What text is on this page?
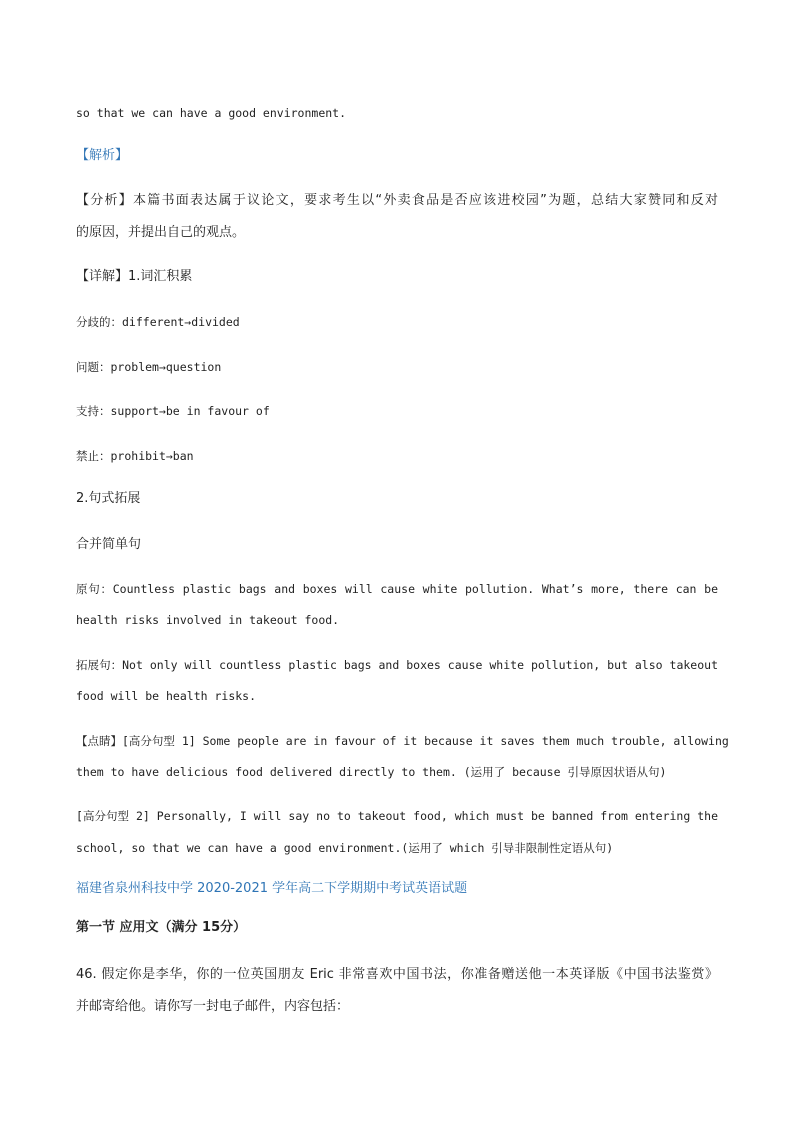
so that we can have a good environment.
【解析】
【分析】本篇书面表达属于议论文，要求考生以“外卖食品是否应该进校园”为题，总结大家赞同和反对
的原因，并提出自己的观点。
【详解】1.词汇积累
分歧的：different→divided
问题：problem→question
支持：support→be in favour of
禁止：prohibit→ban
2.句式拓展
合并简单句
原句：Countless plastic bags and boxes will cause white pollution. What’s more, there can be
health risks involved in takeout food.
拓展句：Not only will countless plastic bags and boxes cause white pollution, but also takeout
food will be health risks.
【点睛】[高分句型 1] Some people are in favour of it because it saves them much trouble, allowing
them to have delicious food delivered directly to them. (运用了 because 引导原因状语从句)
[高分句型 2] Personally, I will say no to takeout food, which must be banned from entering the
school, so that we can have a good environment.(运用了 which 引导非限制性定语从句)
福建省泉州科技中学 2020-2021 学年高二下学期期中考试英语试题
第一节 应用文（满分 15分）
46. 假定你是李华，你的一位英国朋友 Eric 非常喜欢中国书法，你准备赠送他一本英译版《中国书法鉴赏》
并邮寄给他。请你写一封电子邮件，内容包括：
